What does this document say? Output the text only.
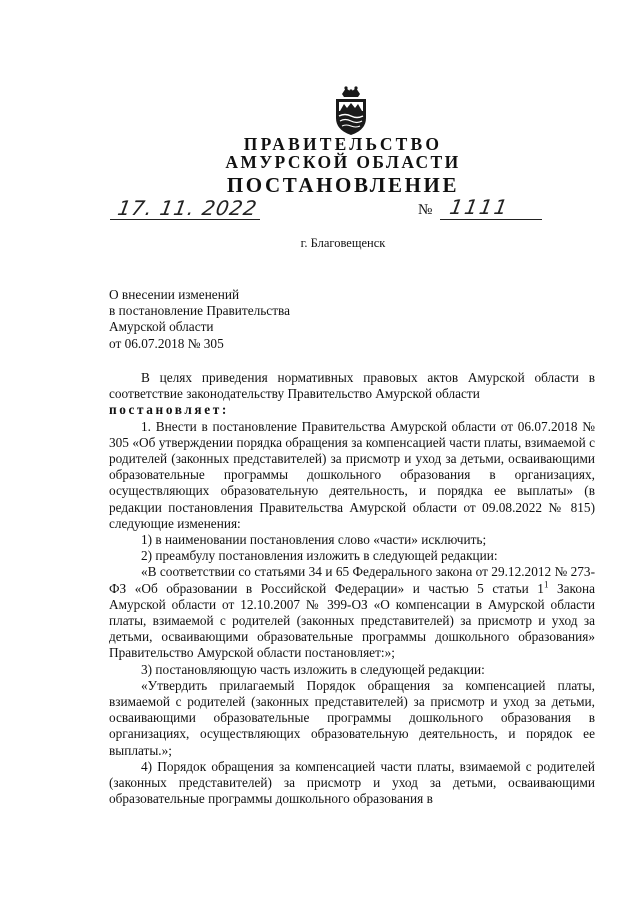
ПРАВИТЕЛЬСТВО
АМУРСКОЙ ОБЛАСТИ
ПОСТАНОВЛЕНИЕ
17. 11. 2022	№ 1111
г. Благовещенск
О внесении изменений
в постановление Правительства
Амурской области
от 06.07.2018 № 305

В целях приведения нормативных правовых актов Амурской области в соответствие законодательству Правительство Амурской области

постановляет:

1. Внести в постановление Правительства Амурской области от 06.07.2018 № 305 «Об утверждении порядка обращения за компенсацией части платы, взимаемой с родителей (законных представителей) за присмотр и уход за детьми, осваивающими образовательные программы дошкольного образования в организациях, осуществляющих образовательную деятельность, и порядка ее выплаты» (в редакции постановления Правительства Амурской области от 09.08.2022 № 815) следующие изменения:

1) в наименовании постановления слово «части» исключить;

2) преамбулу постановления изложить в следующей редакции:

«В соответствии со статьями 34 и 65 Федерального закона от 29.12.2012 № 273-ФЗ «Об образовании в Российской Федерации» и частью 5 статьи $1^1$ Закона Амурской области от 12.10.2007 № 399-ОЗ «О компенсации в Амурской области платы, взимаемой с родителей (законных представителей) за присмотр и уход за детьми, осваивающими образовательные программы дошкольного образования» Правительство Амурской области постановляет:»;

3) постановляющую часть изложить в следующей редакции:

«Утвердить прилагаемый Порядок обращения за компенсацией платы, взимаемой с родителей (законных представителей) за присмотр и уход за детьми, осваивающими образовательные программы дошкольного образования в организациях, осуществляющих образовательную деятельность, и порядок ее выплаты.»;

4) Порядок обращения за компенсацией части платы, взимаемой с родителей (законных представителей) за присмотр и уход за детьми, осваивающими образовательные программы дошкольного образования в
